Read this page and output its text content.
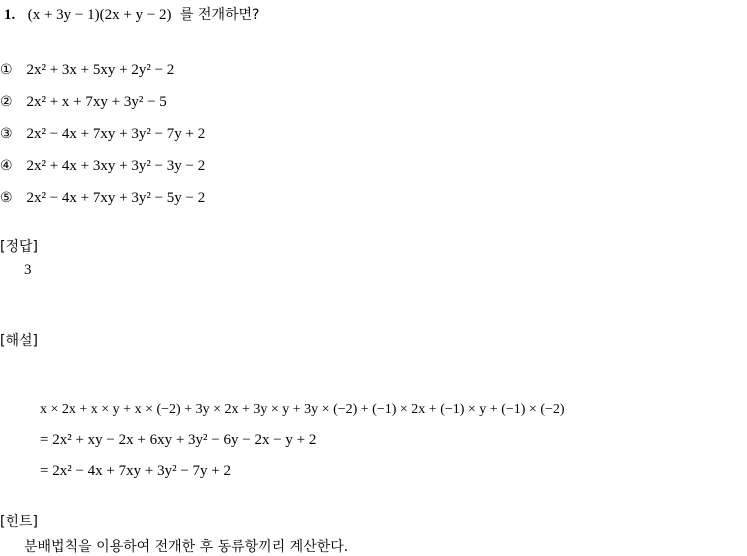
1. (x + 3y − 1)(2x + y − 2) 를 전개하면?
① 2x² + 3x + 5xy + 2y² − 2
② 2x² + x + 7xy + 3y² − 5
③ 2x² − 4x + 7xy + 3y² − 7y + 2
④ 2x² + 4x + 3xy + 3y² − 3y − 2
⑤ 2x² − 4x + 7xy + 3y² − 5y − 2
[정답]
3
[해설]
x × 2x + x × y + x × (−2) + 3y × 2x + 3y × y + 3y × (−2) + (−1) × 2x + (−1) × y + (−1) × (−2)
= 2x² + xy − 2x + 6xy + 3y² − 6y − 2x − y + 2
= 2x² − 4x + 7xy + 3y² − 7y + 2
[힌트]
분배법칙을 이용하여 전개한 후 동류항끼리 계산한다.
